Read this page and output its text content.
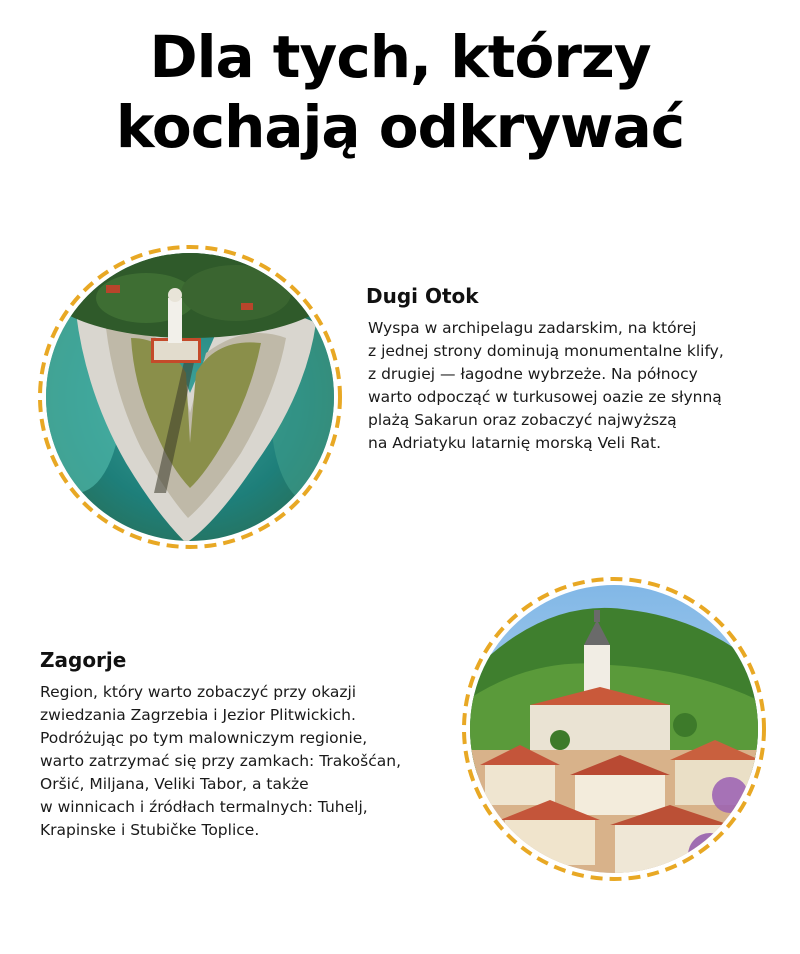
Dla tych, którzy
kochają odkrywać
Dugi Otok
Wyspa w archipelagu zadarskim, na której
z jednej strony dominują monumentalne klify,
z drugiej — łagodne wybrzeże. Na północy
warto odpocząć w turkusowej oazie ze słynną
plażą Sakarun oraz zobaczyć najwyższą
na Adriatyku latarnię morską Veli Rat.
Zagorje
Region, który warto zobaczyć przy okazji
zwiedzania Zagrzebia i Jezior Plitwickich.
Podróżując po tym malowniczym regionie,
warto zatrzymać się przy zamkach: Trakošćan,
Oršić, Miljana, Veliki Tabor, a także
w winnicach i źródłach termalnych: Tuhelj,
Krapinske i Stubičke Toplice.
